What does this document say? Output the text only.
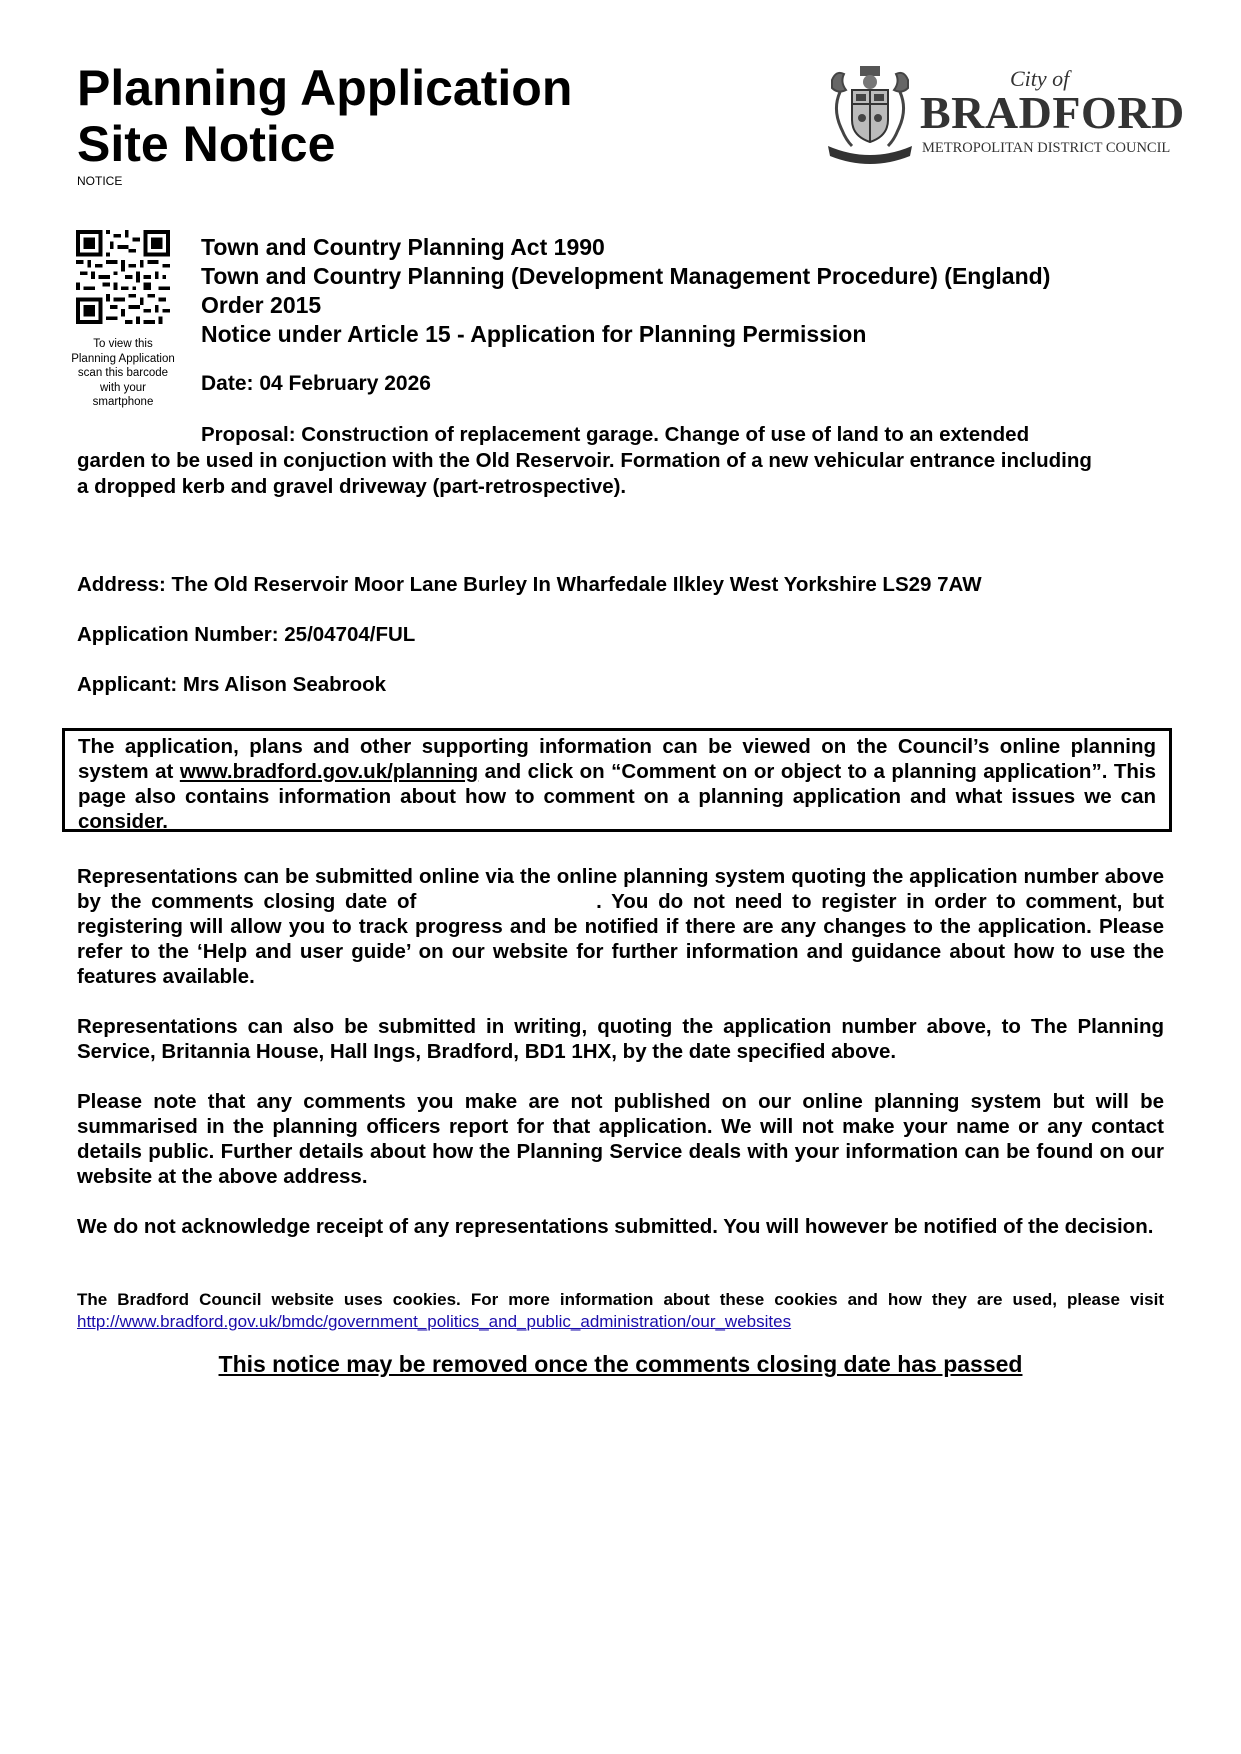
Planning Application
Site Notice
NOTICE
City of
BRADFORD
METROPOLITAN DISTRICT COUNCIL
To view this Planning Application scan this barcode with your smartphone
Town and Country Planning Act 1990
Town and Country Planning (Development Management Procedure) (England)
Order 2015
Notice under Article 15 - Application for Planning Permission
Date: 04 February 2026
Proposal: Construction of replacement garage. Change of use of land to an extended garden to be used in conjuction with the Old Reservoir. Formation of a new vehicular entrance including a dropped kerb and gravel driveway (part-retrospective).
Address: The Old Reservoir Moor Lane Burley In Wharfedale Ilkley West Yorkshire LS29 7AW
Application Number: 25/04704/FUL
Applicant: Mrs Alison Seabrook
The application, plans and other supporting information can be viewed on the Council’s online planning system at www.bradford.gov.uk/planning and click on “Comment on or object to a planning application”. This page also contains information about how to comment on a planning application and what issues we can consider.
Representations can be submitted online via the online planning system quoting the application number above by the comments closing date of	. You do not need to register in order to comment, but registering will allow you to track progress and be notified if there are any changes to the application. Please refer to the ‘Help and user guide’ on our website for further information and guidance about how to use the features available.
Representations can also be submitted in writing, quoting the application number above, to The Planning Service, Britannia House, Hall Ings, Bradford, BD1 1HX, by the date specified above.
Please note that any comments you make are not published on our online planning system but will be summarised in the planning officers report for that application. We will not make your name or any contact details public. Further details about how the Planning Service deals with your information can be found on our website at the above address.
We do not acknowledge receipt of any representations submitted. You will however be notified of the decision.
The Bradford Council website uses cookies. For more information about these cookies and how they are used, please visit http://www.bradford.gov.uk/bmdc/government_politics_and_public_administration/our_websites
This notice may be removed once the comments closing date has passed
